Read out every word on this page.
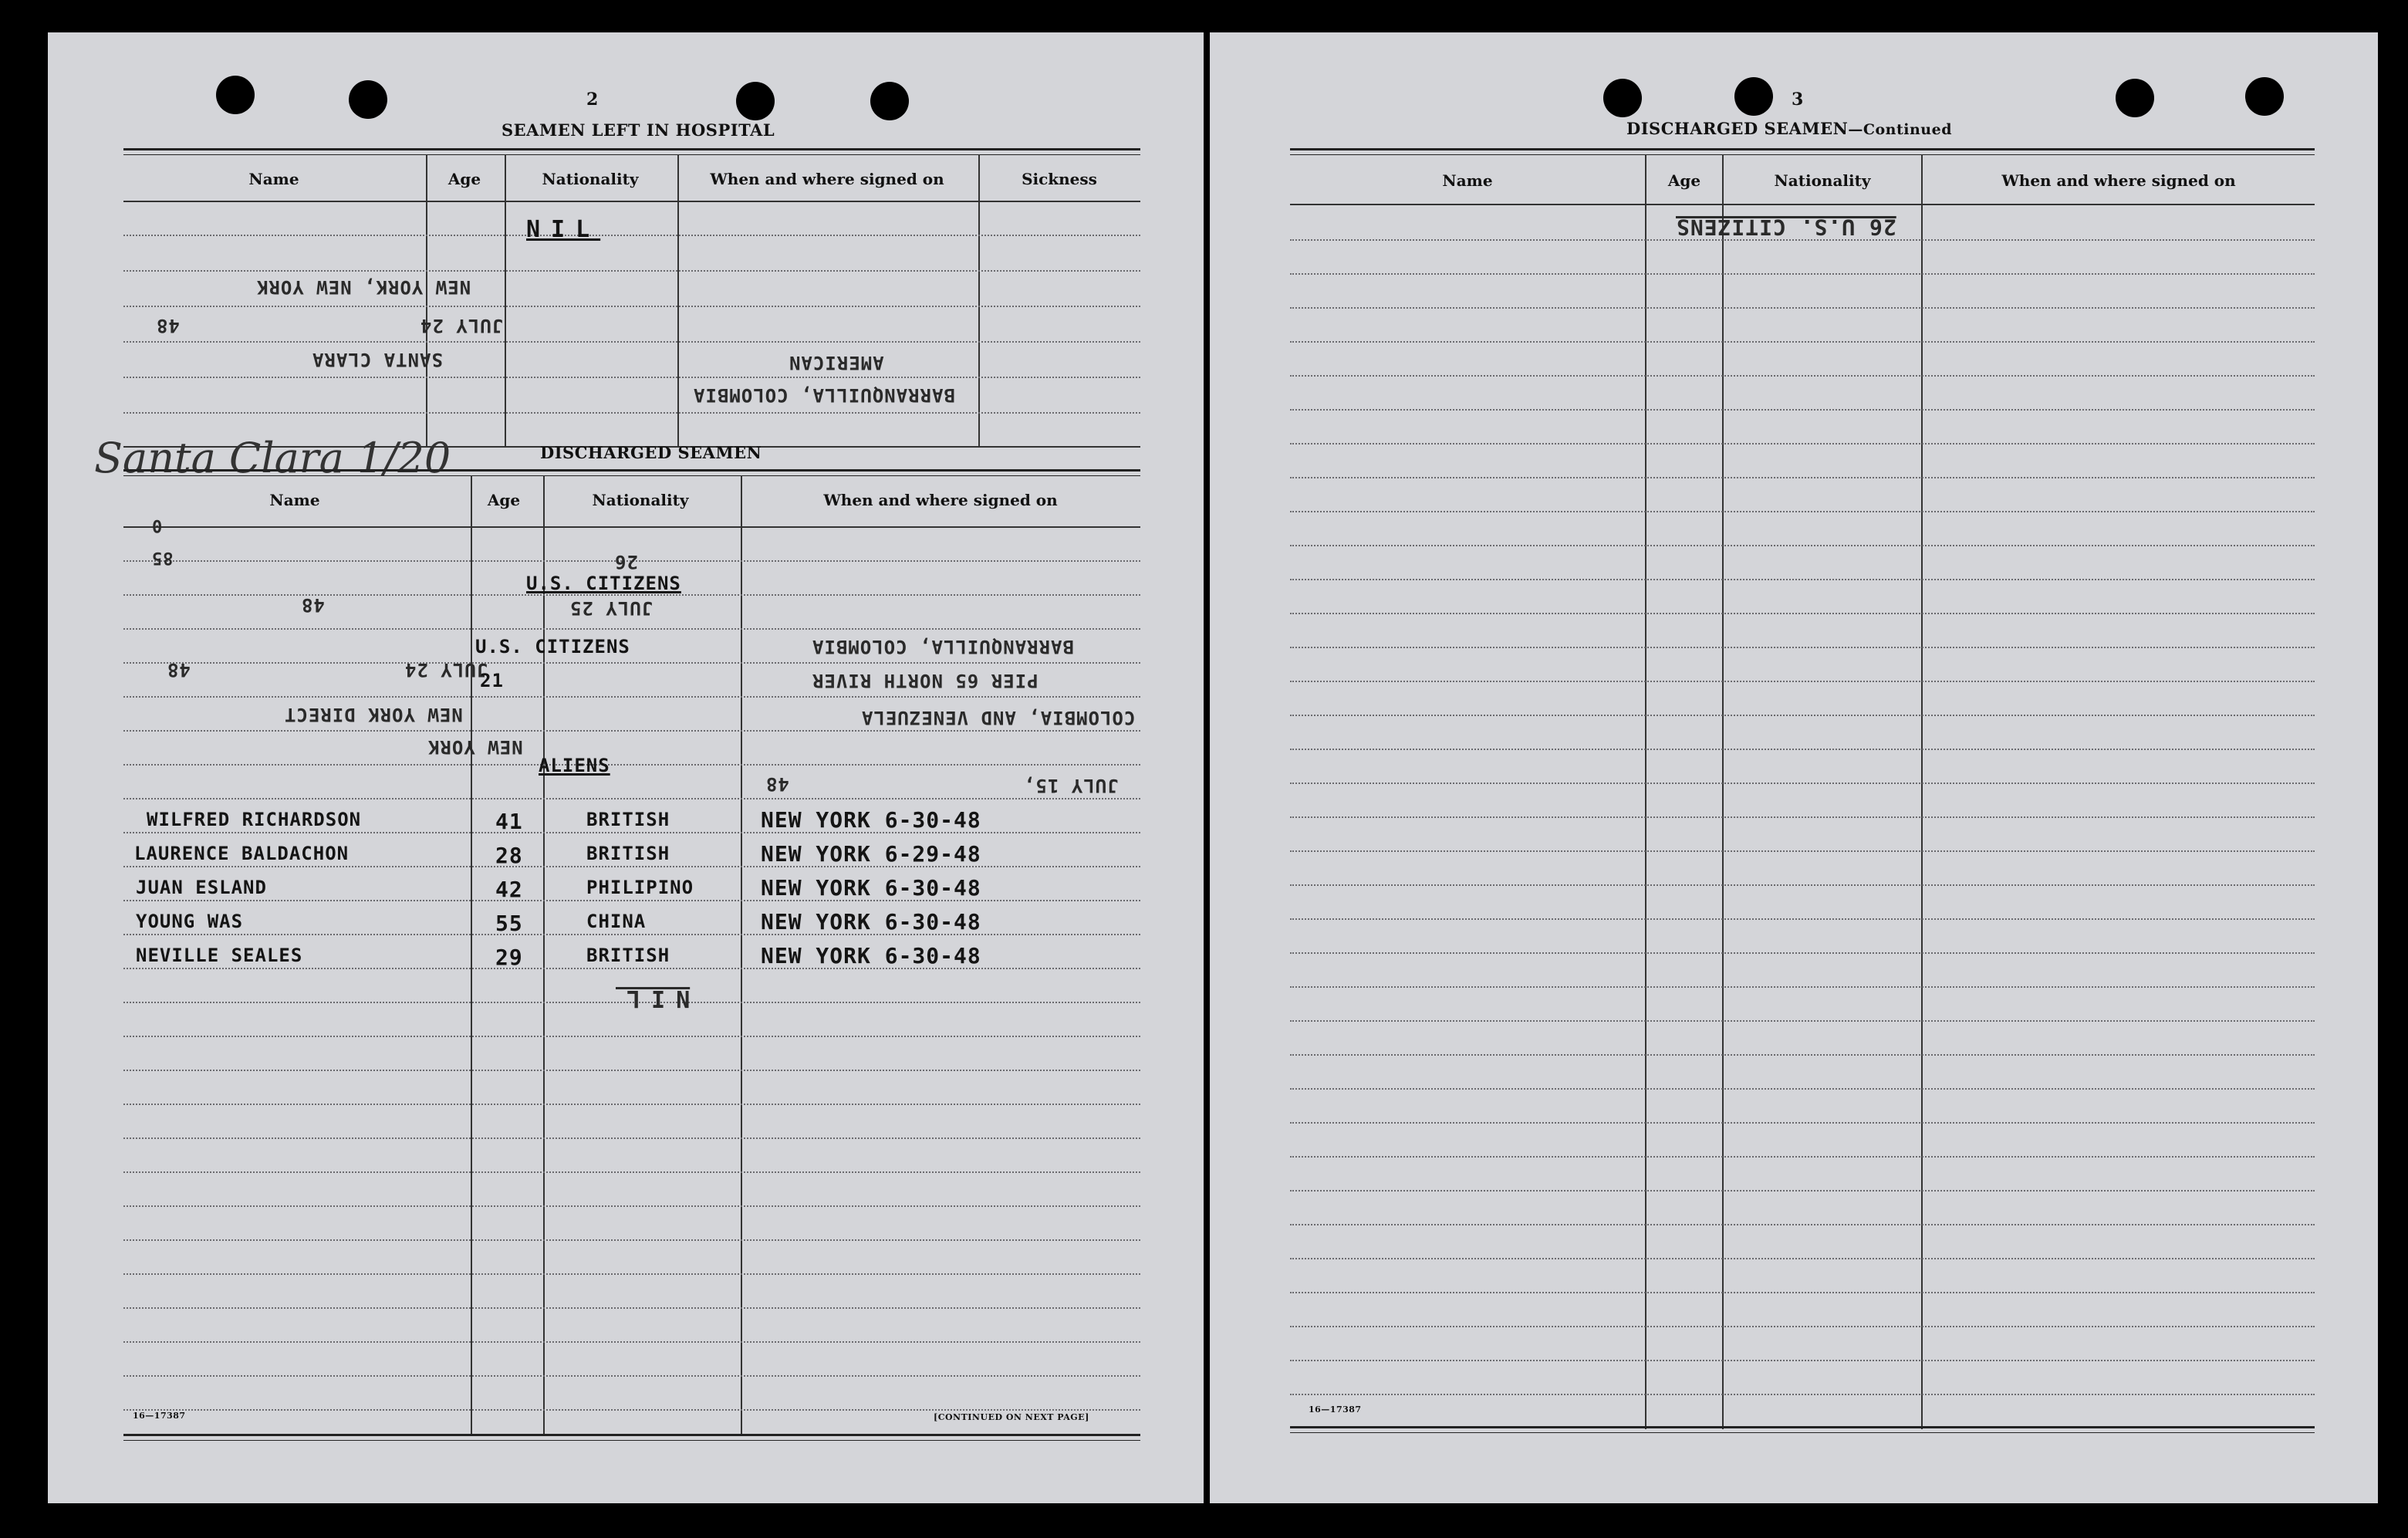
2
SEAMEN LEFT IN HOSPITAL
Name	Age	Nationality	When and where signed on	Sickness
NIL
NEW YORK, NEW YORK
JULY 24
48
SANTA CLARA	AMERICAN
BARRANQUILLA, COLOMBIA
Santa Clara 1/20	DISCHARGED SEAMEN
Name	Age	Nationality	When and where signed on
0
85
48
U.S. CITIZENS
26
JULY 25
BARRANQUILLA, COLOMBIA
U.S. CITIZENS
48	JULY 24
21	PIER 65 NORTH RIVER
NEW YORK DIRECT	COLOMBIA, AND VENEZUELA
NEW YORK
ALIENS
48	JULY 15,
WILFRED RICHARDSON	41	BRITISH	NEW YORK 6-30-48
LAURENCE BALDACHON	28	BRITISH	NEW YORK 6-29-48
JUAN ESLAND	42	PHILIPINO	NEW YORK 6-30-48
YOUNG WAS	55	CHINA	NEW YORK 6-30-48
NEVILLE SEALES	29	BRITISH	NEW YORK 6-30-48
NIL
16—17387	[CONTINUED ON NEXT PAGE]
3
DISCHARGED SEAMEN—Continued
Name	Age	Nationality	When and where signed on
26 U.S. CITIZENS
16—17387
